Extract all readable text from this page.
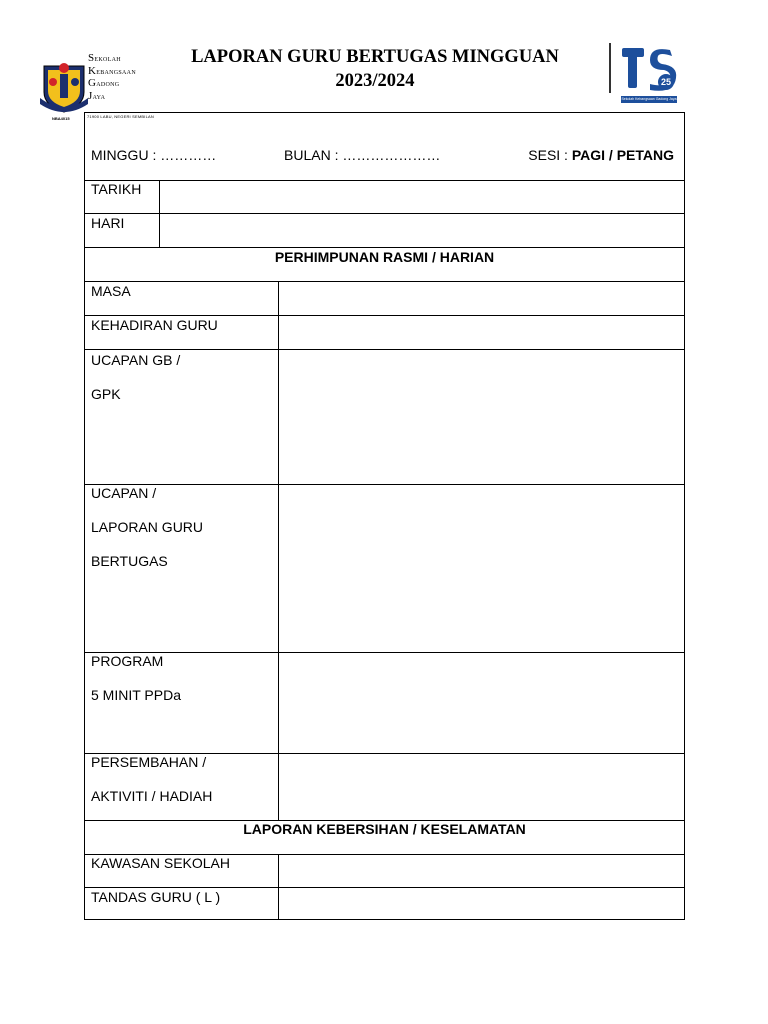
Sekolah
Kebangsaan
Gadong
Jaya
71900 LABU, NEGERI SEMBILAN
NBA4015
LAPORAN GURU BERTUGAS MINGGUAN
2023/2024	25
Sekolah Kebangsaan Gadong Jaya
MINGGU : …………	BULAN : …………………	SESI : PAGI / PETANG
TARIKH
HARI
PERHIMPUNAN RASMI / HARIAN
MASA
KEHADIRAN GURU
UCAPAN GB /
GPK
UCAPAN /
LAPORAN GURU
BERTUGAS
PROGRAM
5 MINIT PPDa
PERSEMBAHAN /
AKTIVITI / HADIAH
LAPORAN KEBERSIHAN / KESELAMATAN
KAWASAN SEKOLAH
TANDAS GURU ( L )
